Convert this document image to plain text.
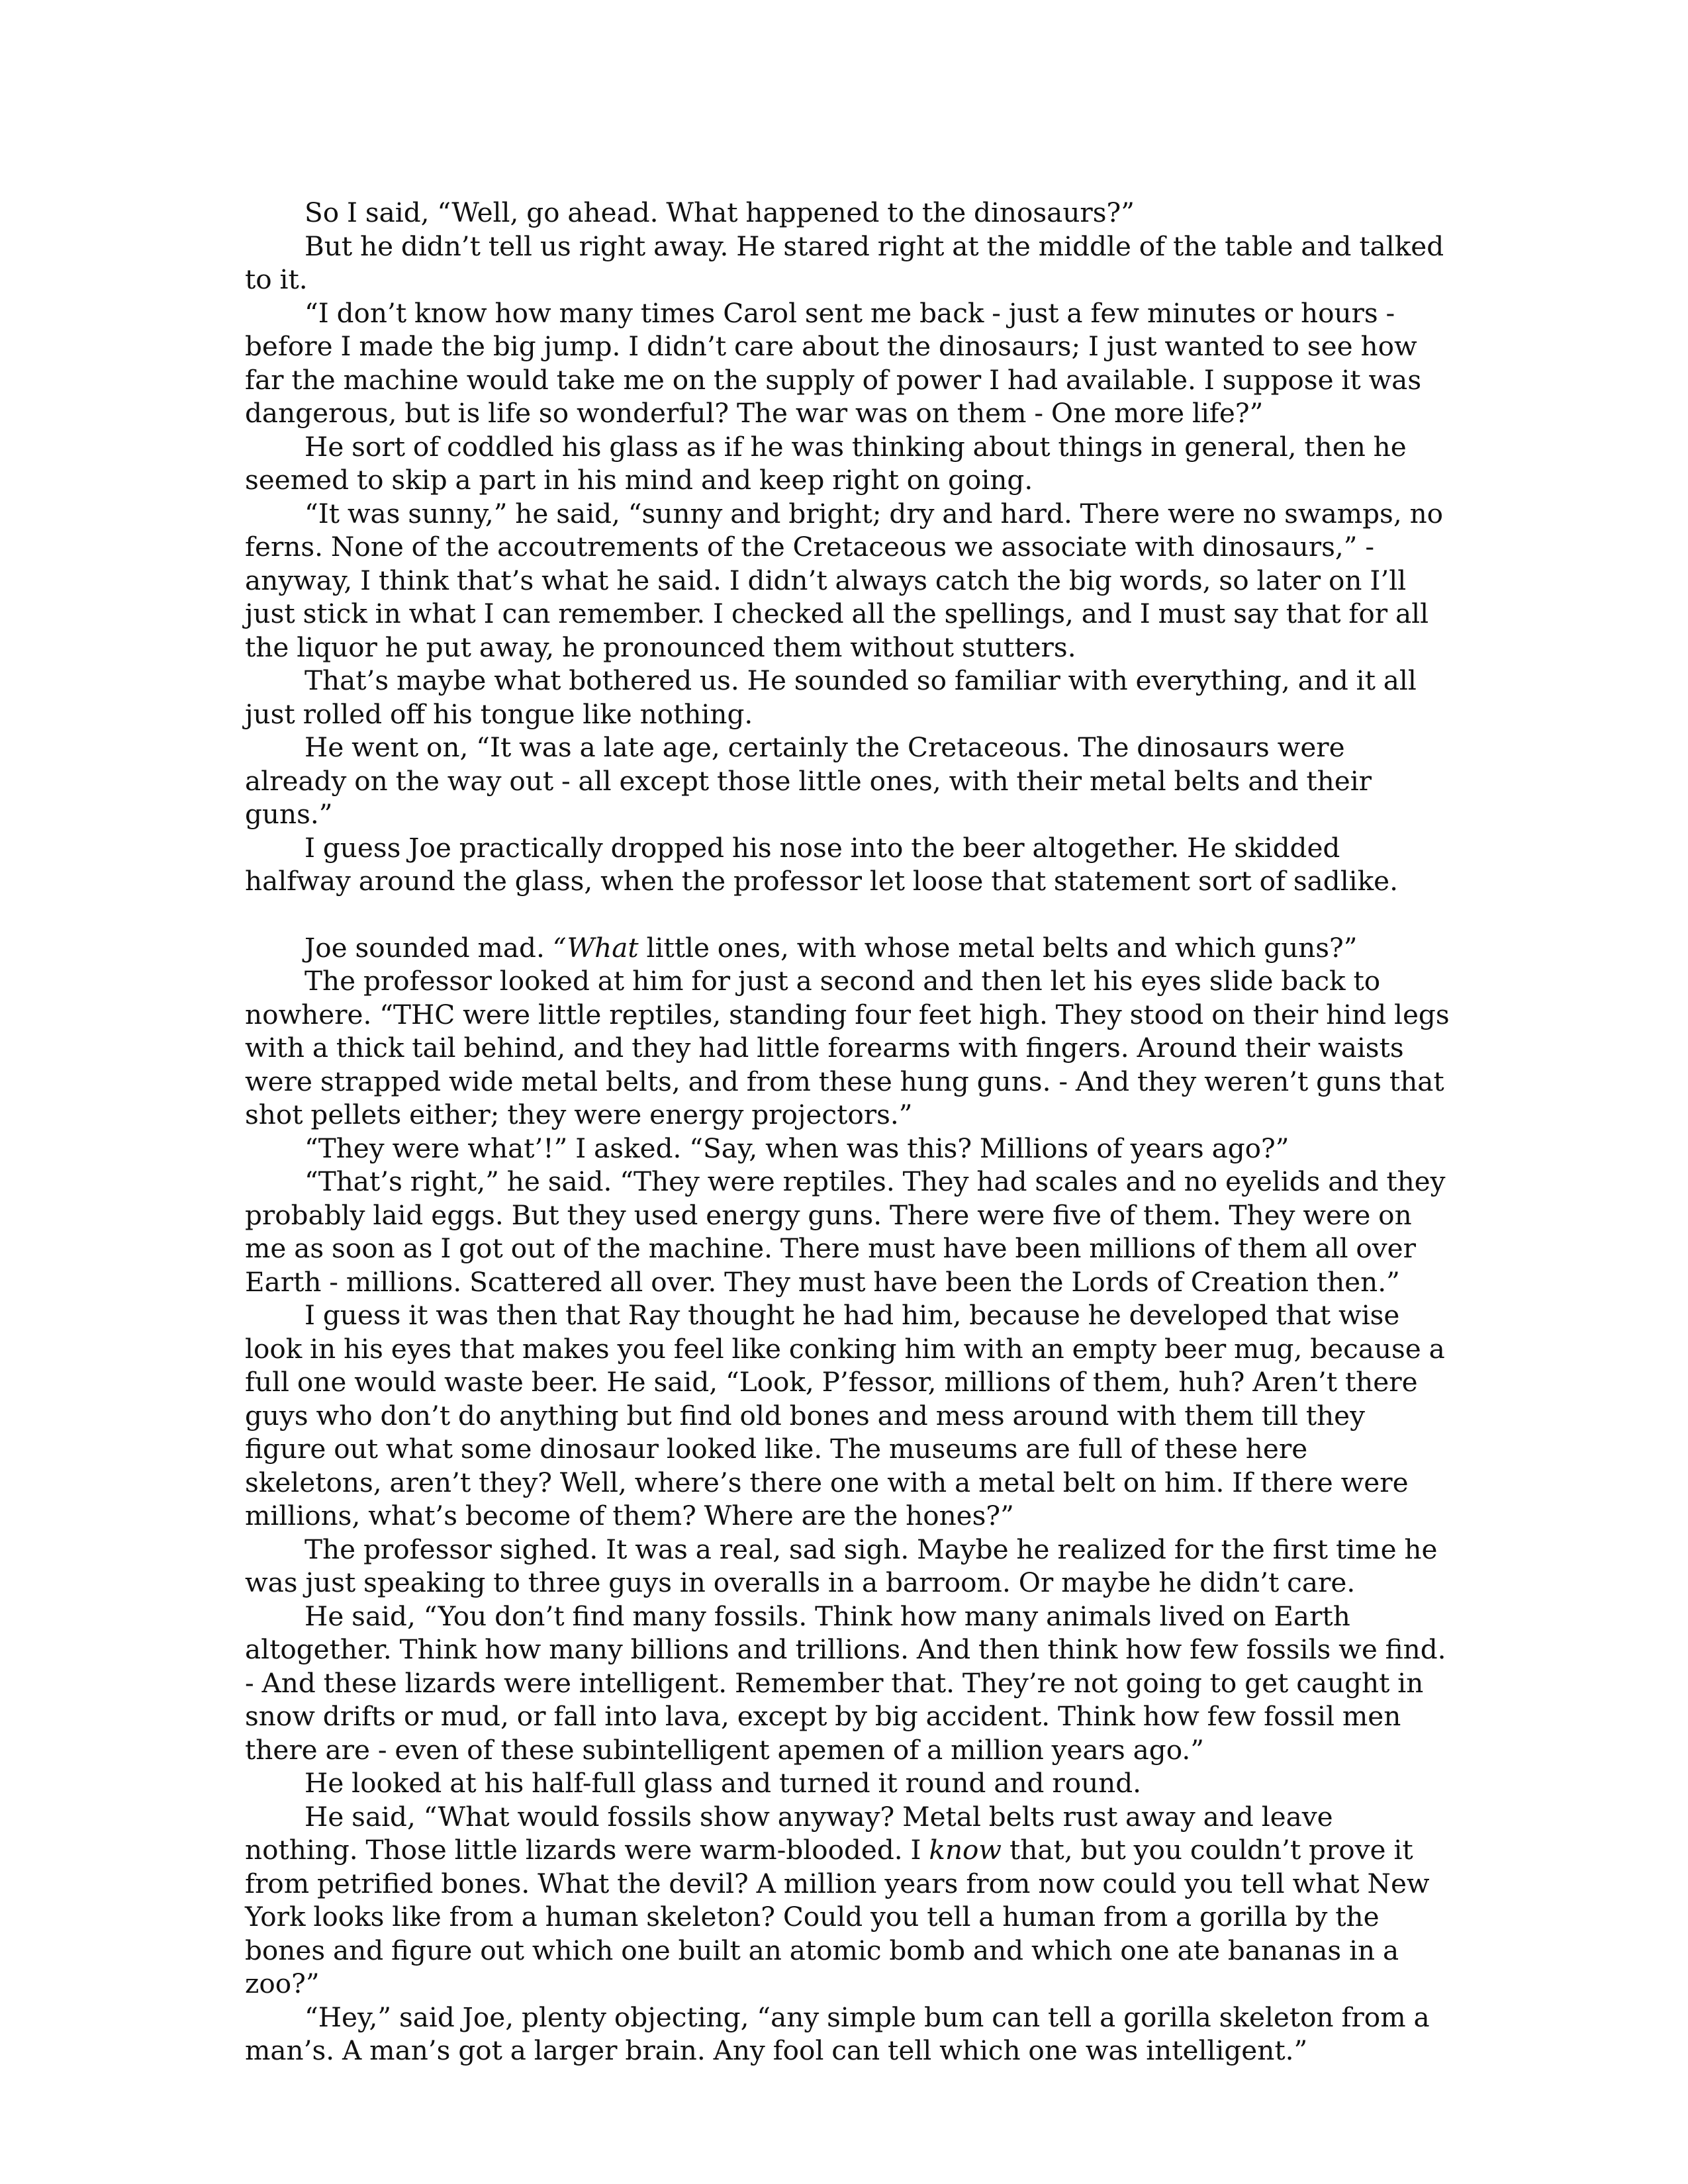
So I said, “Well, go ahead. What happened to the dinosaurs?”

But he didn’t tell us right away. He stared right at the middle of the table and talked to it.

“I don’t know how many times Carol sent me back - just a few minutes or hours - before I made the big jump. I didn’t care about the dinosaurs; I just wanted to see how far the machine would take me on the supply of power I had available. I suppose it was dangerous, but is life so wonderful? The war was on them - One more life?”

He sort of coddled his glass as if he was thinking about things in general, then he seemed to skip a part in his mind and keep right on going.

“It was sunny,” he said, “sunny and bright; dry and hard. There were no swamps, no ferns. None of the accoutrements of the Cretaceous we associate with dinosaurs,” - anyway, I think that’s what he said. I didn’t always catch the big words, so later on I’ll just stick in what I can remember. I checked all the spellings, and I must say that for all the liquor he put away, he pronounced them without stutters.

That’s maybe what bothered us. He sounded so familiar with everything, and it all just rolled off his tongue like nothing.

He went on, “It was a late age, certainly the Cretaceous. The dinosaurs were already on the way out - all except those little ones, with their metal belts and their guns.”

I guess Joe practically dropped his nose into the beer altogether. He skidded halfway around the glass, when the professor let loose that statement sort of sadlike.

Joe sounded mad. “What little ones, with whose metal belts and which guns?”

The professor looked at him for just a second and then let his eyes slide back to nowhere. “THC were little reptiles, standing four feet high. They stood on their hind legs with a thick tail behind, and they had little forearms with fingers. Around their waists were strapped wide metal belts, and from these hung guns. - And they weren’t guns that shot pellets either; they were energy projectors.”

“They were what’!” I asked. “Say, when was this? Millions of years ago?”

“That’s right,” he said. “They were reptiles. They had scales and no eyelids and they probably laid eggs. But they used energy guns. There were five of them. They were on me as soon as I got out of the machine. There must have been millions of them all over Earth - millions. Scattered all over. They must have been the Lords of Creation then.”

I guess it was then that Ray thought he had him, because he developed that wise look in his eyes that makes you feel like conking him with an empty beer mug, because a full one would waste beer. He said, “Look, P’fessor, millions of them, huh? Aren’t there guys who don’t do anything but find old bones and mess around with them till they figure out what some dinosaur looked like. The museums are full of these here skeletons, aren’t they? Well, where’s there one with a metal belt on him. If there were millions, what’s become of them? Where are the hones?”

The professor sighed. It was a real, sad sigh. Maybe he realized for the first time he was just speaking to three guys in overalls in a barroom. Or maybe he didn’t care.

He said, “You don’t find many fossils. Think how many animals lived on Earth altogether. Think how many billions and trillions. And then think how few fossils we find. - And these lizards were intelligent. Remember that. They’re not going to get caught in snow drifts or mud, or fall into lava, except by big accident. Think how few fossil men there are - even of these subintelligent apemen of a million years ago.”

He looked at his half-full glass and turned it round and round.

He said, “What would fossils show anyway? Metal belts rust away and leave nothing. Those little lizards were warm-blooded. I know that, but you couldn’t prove it from petrified bones. What the devil? A million years from now could you tell what New York looks like from a human skeleton? Could you tell a human from a gorilla by the bones and figure out which one built an atomic bomb and which one ate bananas in a zoo?”

“Hey,” said Joe, plenty objecting, “any simple bum can tell a gorilla skeleton from a man’s. A man’s got a larger brain. Any fool can tell which one was intelligent.”
